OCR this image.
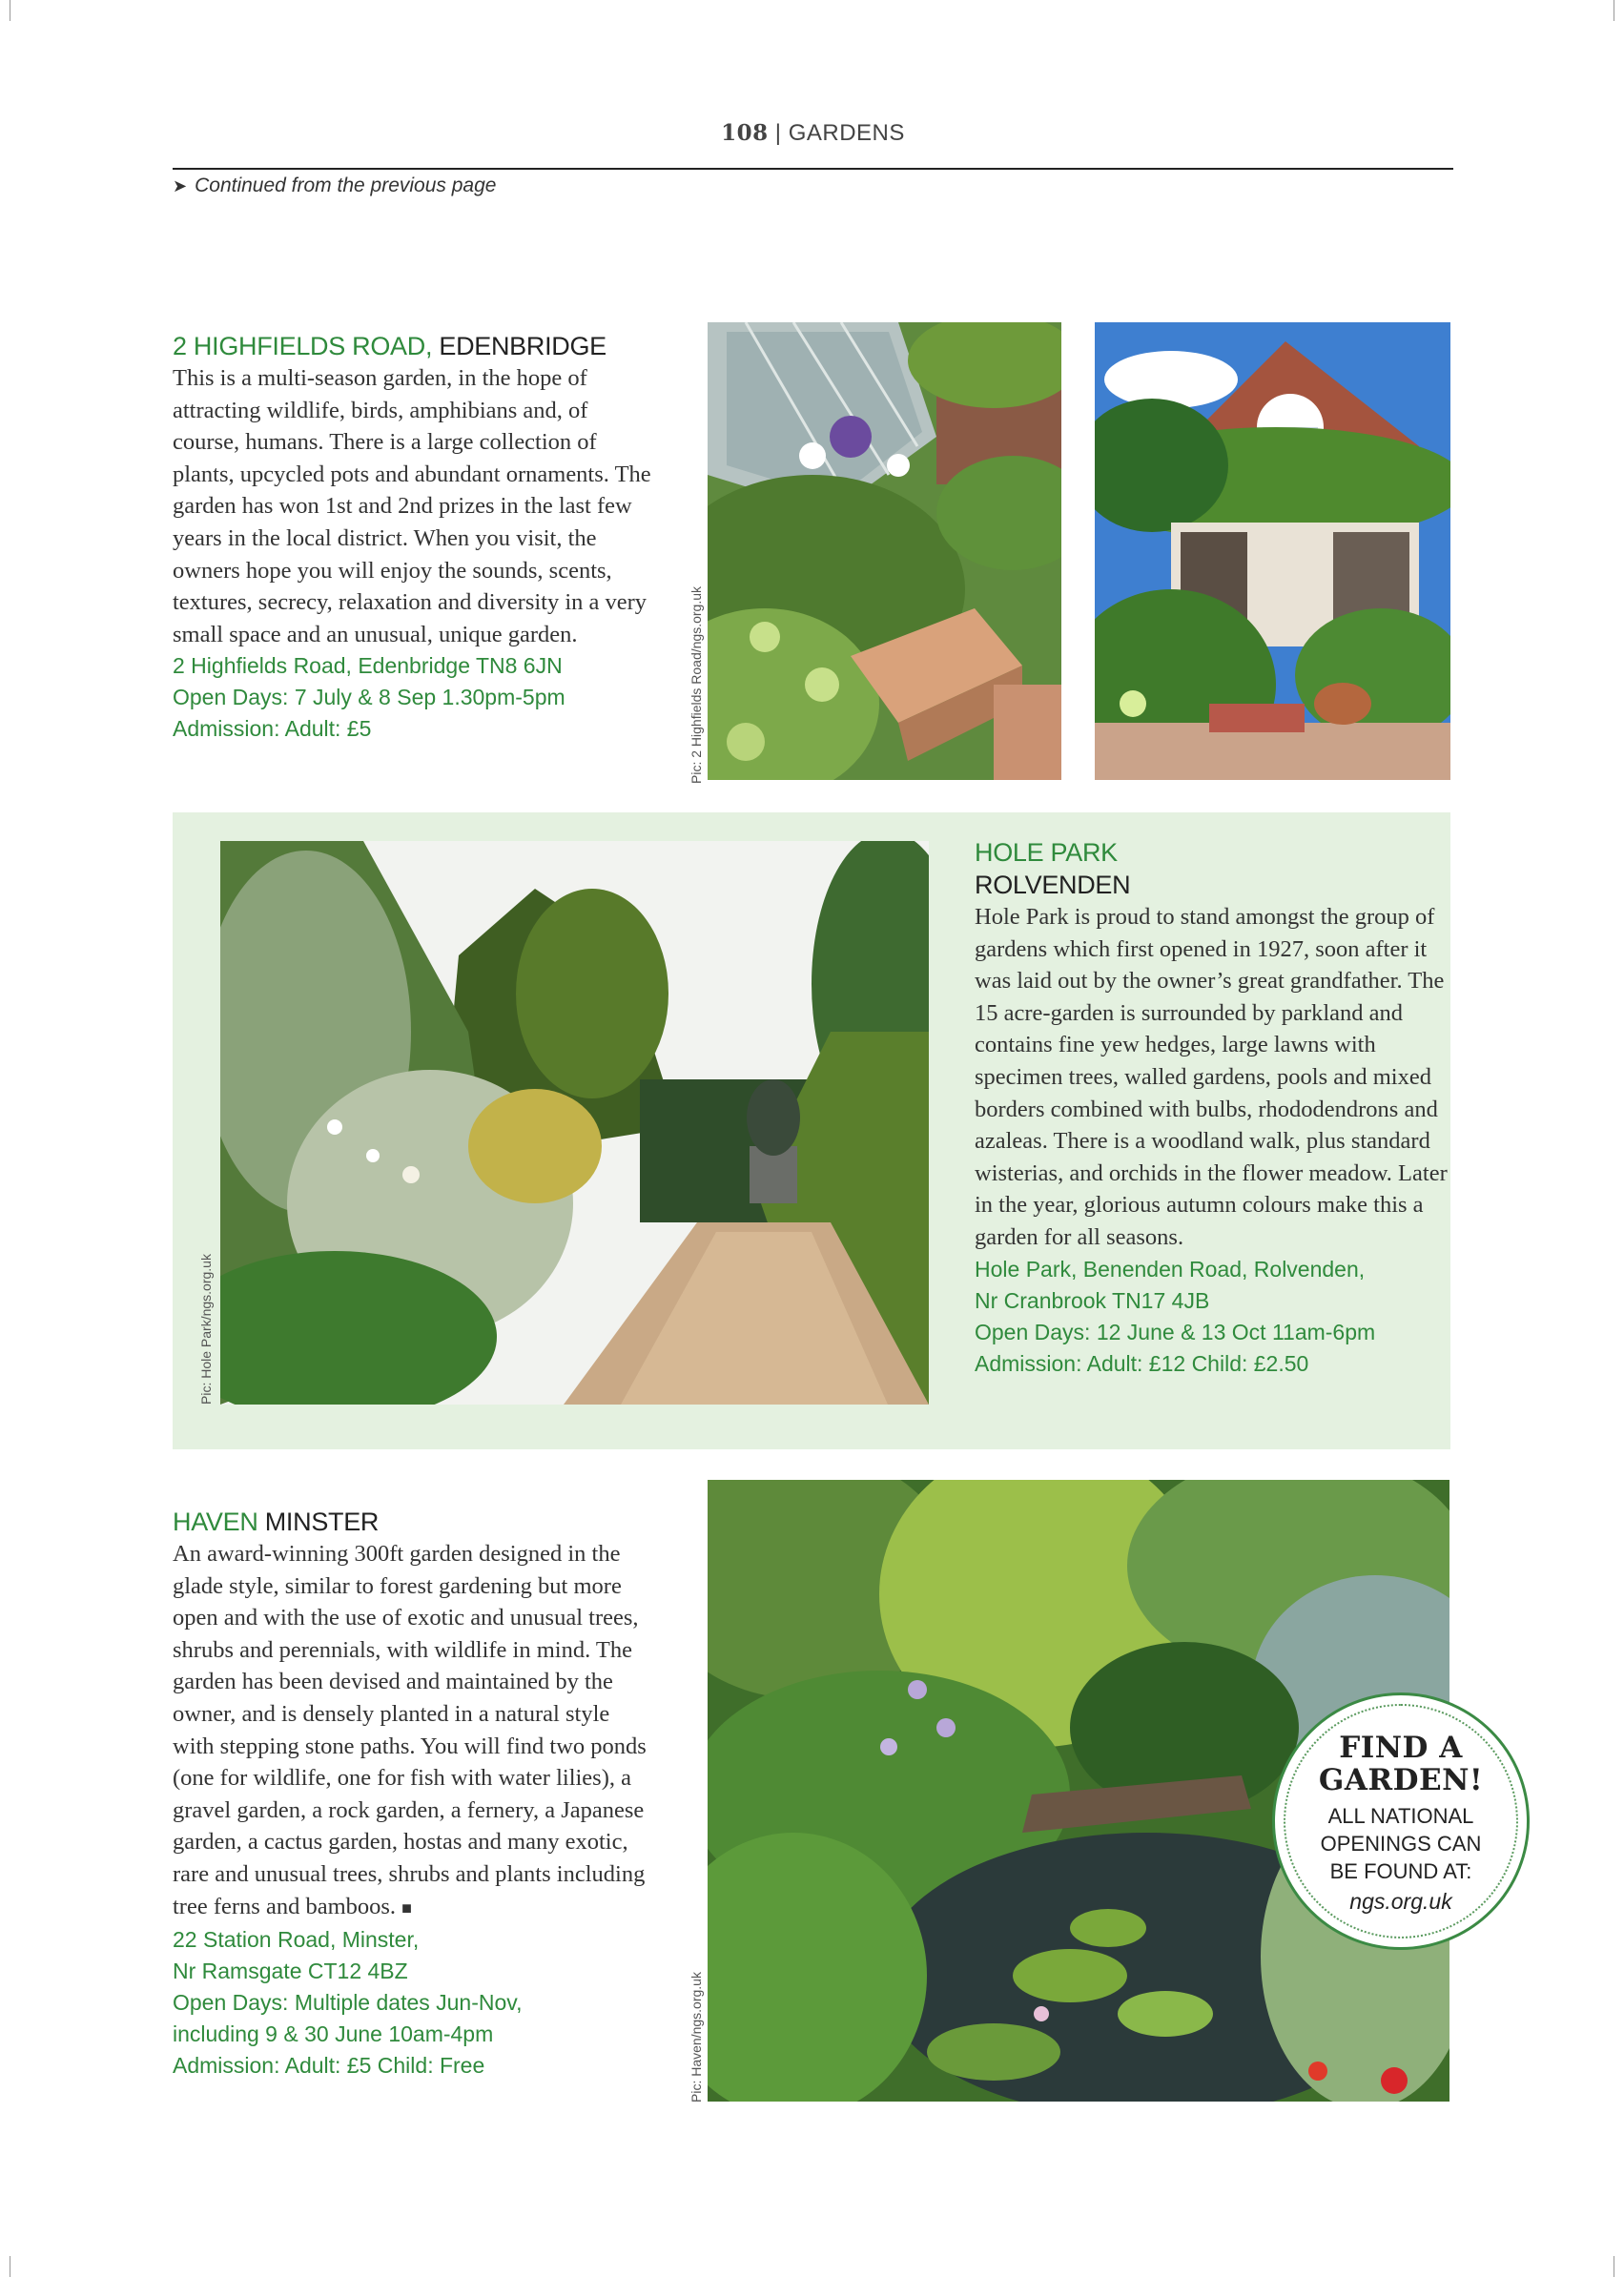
108 | GARDENS
➤ Continued from the previous page
2 HIGHFIELDS ROAD, EDENBRIDGE

This is a multi-season garden, in the hope of attracting wildlife, birds, amphibians and, of course, humans. There is a large collection of plants, upcycled pots and abundant ornaments. The garden has won 1st and 2nd prizes in the last few years in the local district. When you visit, the owners hope you will enjoy the sounds, scents, textures, secrecy, relaxation and diversity in a very small space and an unusual, unique garden.

2 Highfields Road, Edenbridge TN8 6JN

Open Days: 7 July & 8 Sep 1.30pm-5pm

Admission: Adult: £5	Pic: 2 Highfields Road/ngs.org.uk
Pic: Hole Park/ngs.org.uk
HOLE PARK
ROLVENDEN

Hole Park is proud to stand amongst the group of gardens which first opened in 1927, soon after it was laid out by the owner’s great grandfather. The 15 acre-garden is surrounded by parkland and contains fine yew hedges, large lawns with specimen trees, walled gardens, pools and mixed borders combined with bulbs, rhododendrons and azaleas. There is a woodland walk, plus standard wisterias, and orchids in the flower meadow. Later in the year, glorious autumn colours make this a garden for all seasons.

Hole Park, Benenden Road, Rolvenden,
Nr Cranbrook TN17 4JB

Open Days: 12 June & 13 Oct 11am-6pm

Admission: Adult: £12 Child: £2.50

HAVEN MINSTER

An award-winning 300ft garden designed in the glade style, similar to forest gardening but more open and with the use of exotic and unusual trees, shrubs and perennials, with wildlife in mind. The garden has been devised and maintained by the owner, and is densely planted in a natural style with stepping stone paths. You will find two ponds (one for wildlife, one for fish with water lilies), a gravel garden, a rock garden, a fernery, a Japanese garden, a cactus garden, hostas and many exotic, rare and unusual trees, shrubs and plants including tree ferns and bamboos. ■

22 Station Road, Minster,
Nr Ramsgate CT12 4BZ

Open Days: Multiple dates Jun-Nov,
including 9 & 30 June 10am-4pm

Admission: Adult: £5 Child: Free	Pic: Haven/ngs.org.uk
FIND A
GARDEN!
ALL NATIONAL
OPENINGS CAN
BE FOUND AT:
ngs.org.uk
